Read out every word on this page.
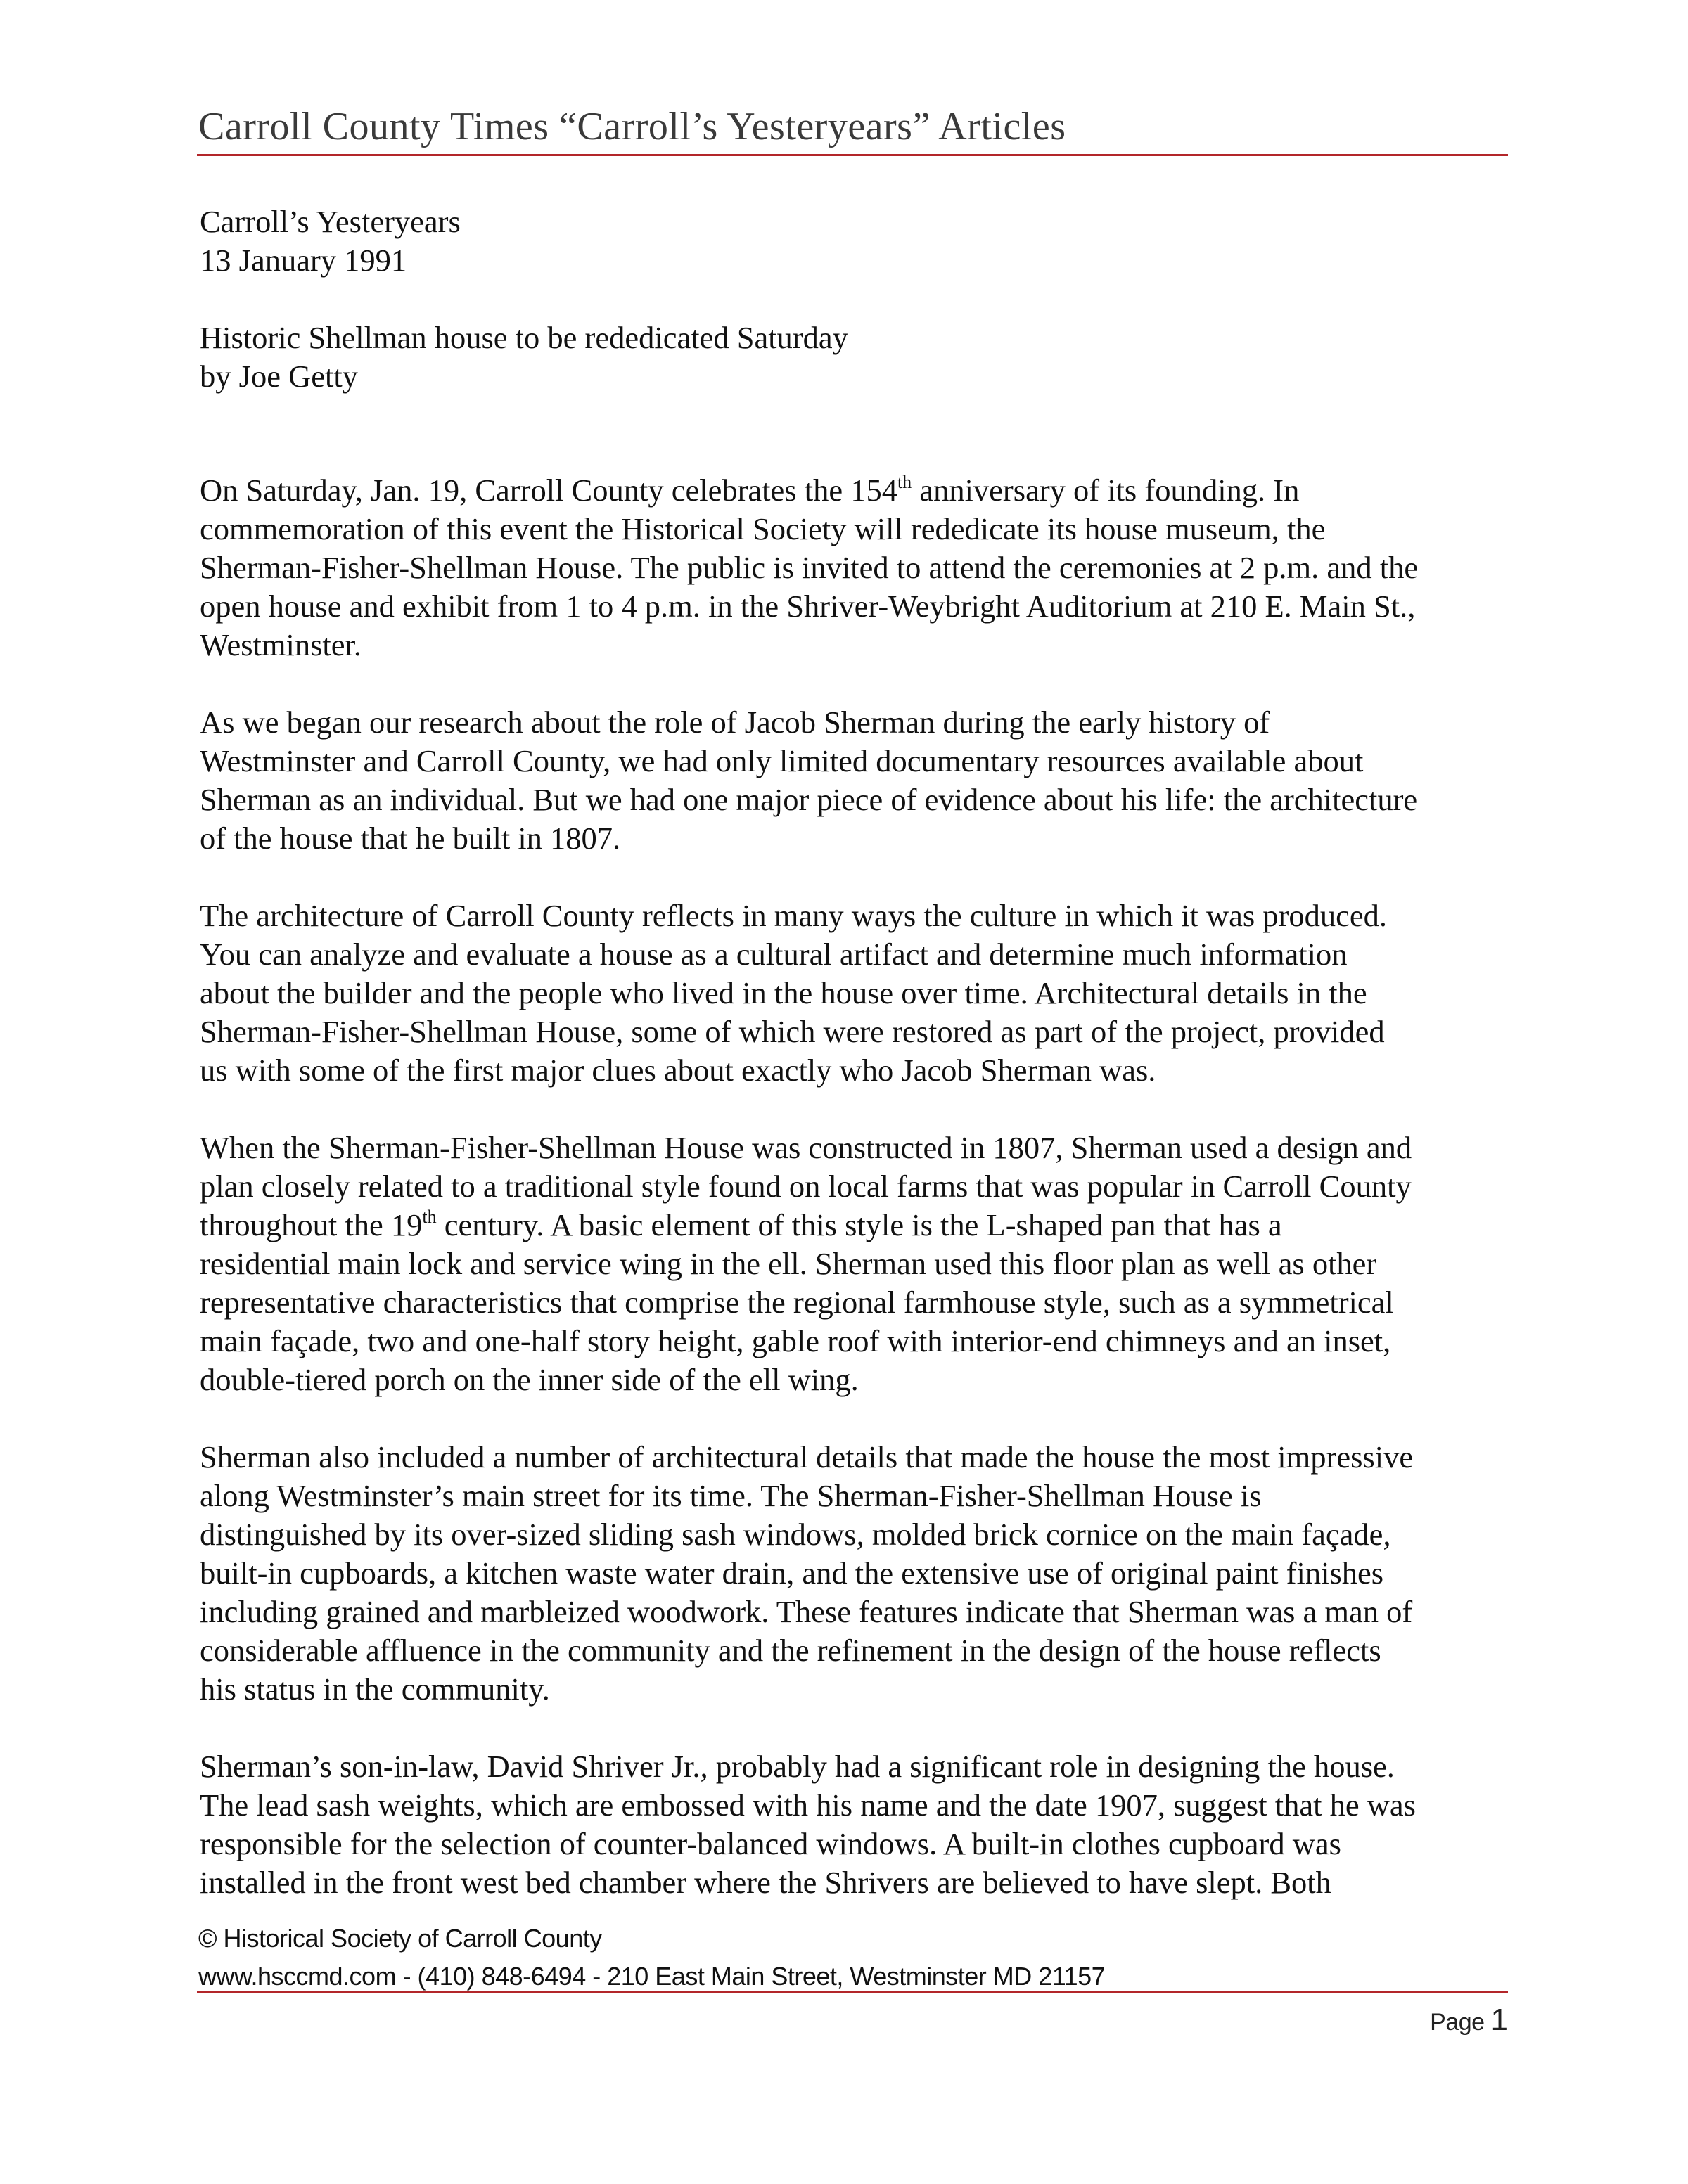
Carroll County Times “Carroll’s Yesteryears” Articles
Carroll’s Yesteryears
13 January 1991
Historic Shellman house to be rededicated Saturday
by Joe Getty
On Saturday, Jan. 19, Carroll County celebrates the 154th anniversary of its founding. In
commemoration of this event the Historical Society will rededicate its house museum, the
Sherman-Fisher-Shellman House. The public is invited to attend the ceremonies at 2 p.m. and the
open house and exhibit from 1 to 4 p.m. in the Shriver-Weybright Auditorium at 210 E. Main St.,
Westminster.
As we began our research about the role of Jacob Sherman during the early history of
Westminster and Carroll County, we had only limited documentary resources available about
Sherman as an individual. But we had one major piece of evidence about his life: the architecture
of the house that he built in 1807.
The architecture of Carroll County reflects in many ways the culture in which it was produced.
You can analyze and evaluate a house as a cultural artifact and determine much information
about the builder and the people who lived in the house over time. Architectural details in the
Sherman-Fisher-Shellman House, some of which were restored as part of the project, provided
us with some of the first major clues about exactly who Jacob Sherman was.
When the Sherman-Fisher-Shellman House was constructed in 1807, Sherman used a design and
plan closely related to a traditional style found on local farms that was popular in Carroll County
throughout the 19th century. A basic element of this style is the L-shaped pan that has a
residential main lock and service wing in the ell. Sherman used this floor plan as well as other
representative characteristics that comprise the regional farmhouse style, such as a symmetrical
main façade, two and one-half story height, gable roof with interior-end chimneys and an inset,
double-tiered porch on the inner side of the ell wing.
Sherman also included a number of architectural details that made the house the most impressive
along Westminster’s main street for its time. The Sherman-Fisher-Shellman House is
distinguished by its over-sized sliding sash windows, molded brick cornice on the main façade,
built-in cupboards, a kitchen waste water drain, and the extensive use of original paint finishes
including grained and marbleized woodwork. These features indicate that Sherman was a man of
considerable affluence in the community and the refinement in the design of the house reflects
his status in the community.
Sherman’s son-in-law, David Shriver Jr., probably had a significant role in designing the house.
The lead sash weights, which are embossed with his name and the date 1907, suggest that he was
responsible for the selection of counter-balanced windows. A built-in clothes cupboard was
installed in the front west bed chamber where the Shrivers are believed to have slept. Both
© Historical Society of Carroll County
www.hsccmd.com - (410) 848-6494 - 210 East Main Street, Westminster MD 21157
Page 1
